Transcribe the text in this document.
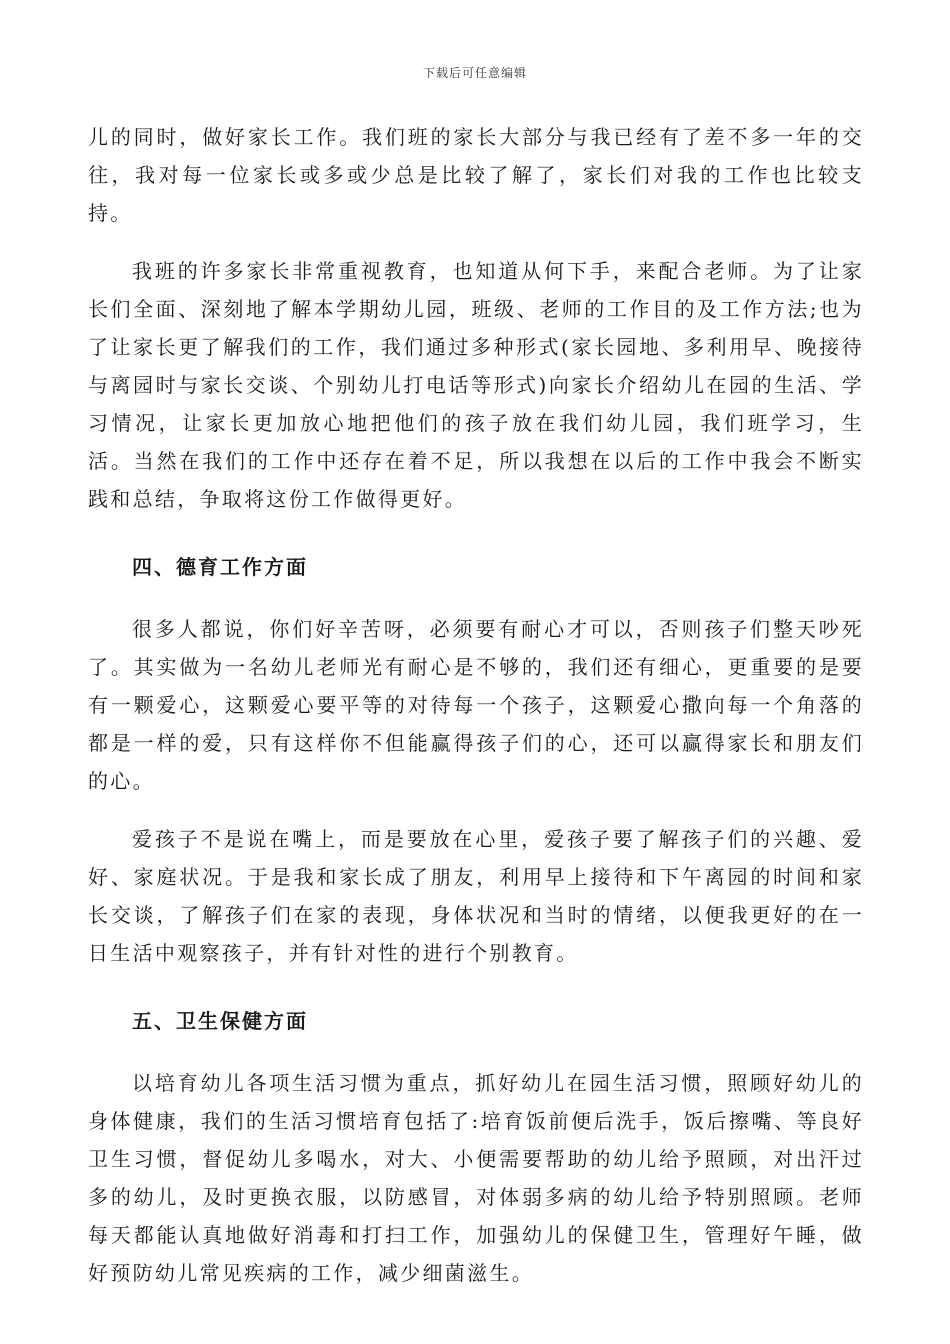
下载后可任意编辑

儿的同时，做好家长工作。我们班的家长大部分与我已经有了差不多一年的交往，我对每一位家长或多或少总是比较了解了，家长们对我的工作也比较支持。

我班的许多家长非常重视教育，也知道从何下手，来配合老师。为了让家长们全面、深刻地了解本学期幼儿园，班级、老师的工作目的及工作方法;也为了让家长更了解我们的工作，我们通过多种形式(家长园地、多利用早、晚接待与离园时与家长交谈、个别幼儿打电话等形式)向家长介绍幼儿在园的生活、学习情况，让家长更加放心地把他们的孩子放在我们幼儿园，我们班学习，生活。当然在我们的工作中还存在着不足，所以我想在以后的工作中我会不断实践和总结，争取将这份工作做得更好。

四、德育工作方面

很多人都说，你们好辛苦呀，必须要有耐心才可以，否则孩子们整天吵死了。其实做为一名幼儿老师光有耐心是不够的，我们还有细心，更重要的是要有一颗爱心，这颗爱心要平等的对待每一个孩子，这颗爱心撒向每一个角落的都是一样的爱，只有这样你不但能赢得孩子们的心，还可以赢得家长和朋友们的心。

爱孩子不是说在嘴上，而是要放在心里，爱孩子要了解孩子们的兴趣、爱好、家庭状况。于是我和家长成了朋友，利用早上接待和下午离园的时间和家长交谈，了解孩子们在家的表现，身体状况和当时的情绪，以便我更好的在一日生活中观察孩子，并有针对性的进行个别教育。

五、卫生保健方面

以培育幼儿各项生活习惯为重点，抓好幼儿在园生活习惯，照顾好幼儿的身体健康，我们的生活习惯培育包括了:培育饭前便后洗手，饭后擦嘴、等良好卫生习惯，督促幼儿多喝水，对大、小便需要帮助的幼儿给予照顾，对出汗过多的幼儿，及时更换衣服，以防感冒，对体弱多病的幼儿给予特别照顾。老师每天都能认真地做好消毒和打扫工作，加强幼儿的保健卫生，管理好午睡，做好预防幼儿常见疾病的工作，减少细菌滋生。
